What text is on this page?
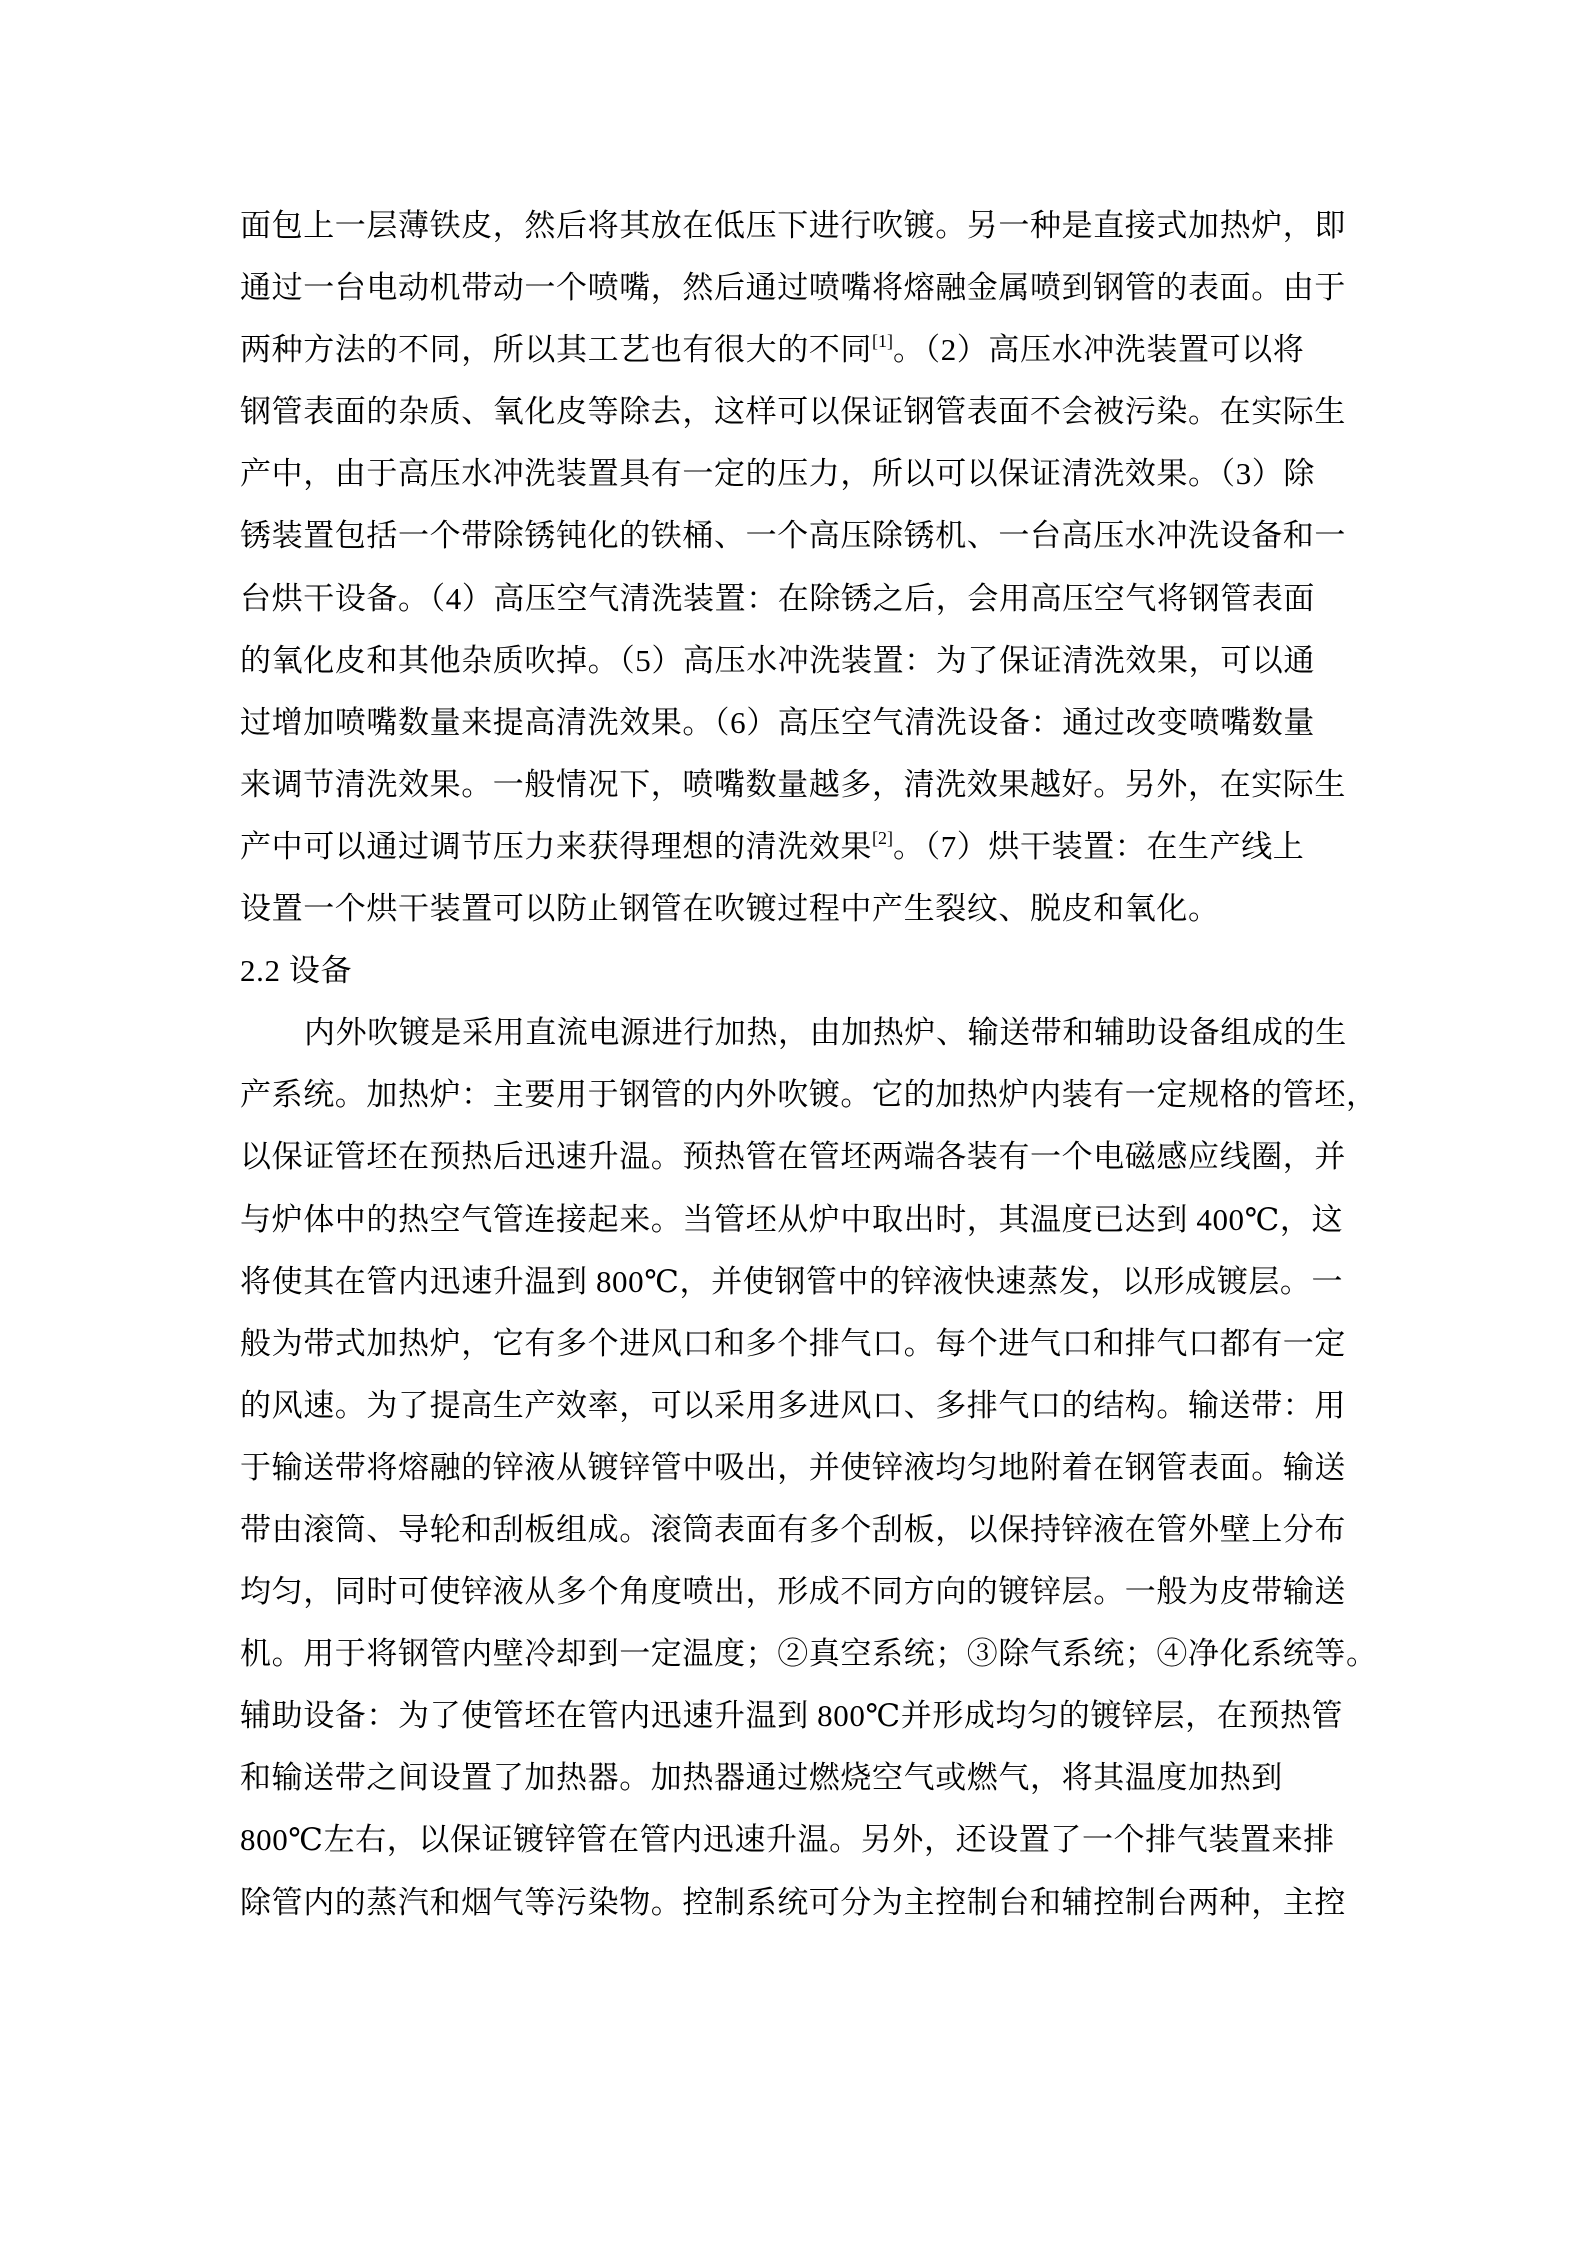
面包上一层薄铁皮，然后将其放在低压下进行吹镀。另一种是直接式加热炉，即
通过一台电动机带动一个喷嘴，然后通过喷嘴将熔融金属喷到钢管的表面。由于
两种方法的不同，所以其工艺也有很大的不同[1]。（2）高压水冲洗装置可以将
钢管表面的杂质、氧化皮等除去，这样可以保证钢管表面不会被污染。在实际生
产中，由于高压水冲洗装置具有一定的压力，所以可以保证清洗效果。（3）除
锈装置包括一个带除锈钝化的铁桶、一个高压除锈机、一台高压水冲洗设备和一
台烘干设备。（4）高压空气清洗装置：在除锈之后，会用高压空气将钢管表面
的氧化皮和其他杂质吹掉。（5）高压水冲洗装置：为了保证清洗效果，可以通
过增加喷嘴数量来提高清洗效果。（6）高压空气清洗设备：通过改变喷嘴数量
来调节清洗效果。一般情况下，喷嘴数量越多，清洗效果越好。另外，在实际生
产中可以通过调节压力来获得理想的清洗效果[2]。（7）烘干装置：在生产线上
设置一个烘干装置可以防止钢管在吹镀过程中产生裂纹、脱皮和氧化。
2.2 设备
内外吹镀是采用直流电源进行加热，由加热炉、输送带和辅助设备组成的生
产系统。加热炉：主要用于钢管的内外吹镀。它的加热炉内装有一定规格的管坯，
以保证管坯在预热后迅速升温。预热管在管坯两端各装有一个电磁感应线圈，并
与炉体中的热空气管连接起来。当管坯从炉中取出时，其温度已达到 400℃，这
将使其在管内迅速升温到 800℃，并使钢管中的锌液快速蒸发，以形成镀层。一
般为带式加热炉，它有多个进风口和多个排气口。每个进气口和排气口都有一定
的风速。为了提高生产效率，可以采用多进风口、多排气口的结构。输送带：用
于输送带将熔融的锌液从镀锌管中吸出，并使锌液均匀地附着在钢管表面。输送
带由滚筒、导轮和刮板组成。滚筒表面有多个刮板，以保持锌液在管外壁上分布
均匀，同时可使锌液从多个角度喷出，形成不同方向的镀锌层。一般为皮带输送
机。用于将钢管内壁冷却到一定温度；②真空系统；③除气系统；④净化系统等。
辅助设备：为了使管坯在管内迅速升温到 800℃并形成均匀的镀锌层，在预热管
和输送带之间设置了加热器。加热器通过燃烧空气或燃气，将其温度加热到
800℃左右，以保证镀锌管在管内迅速升温。另外，还设置了一个排气装置来排
除管内的蒸汽和烟气等污染物。控制系统可分为主控制台和辅控制台两种，主控
